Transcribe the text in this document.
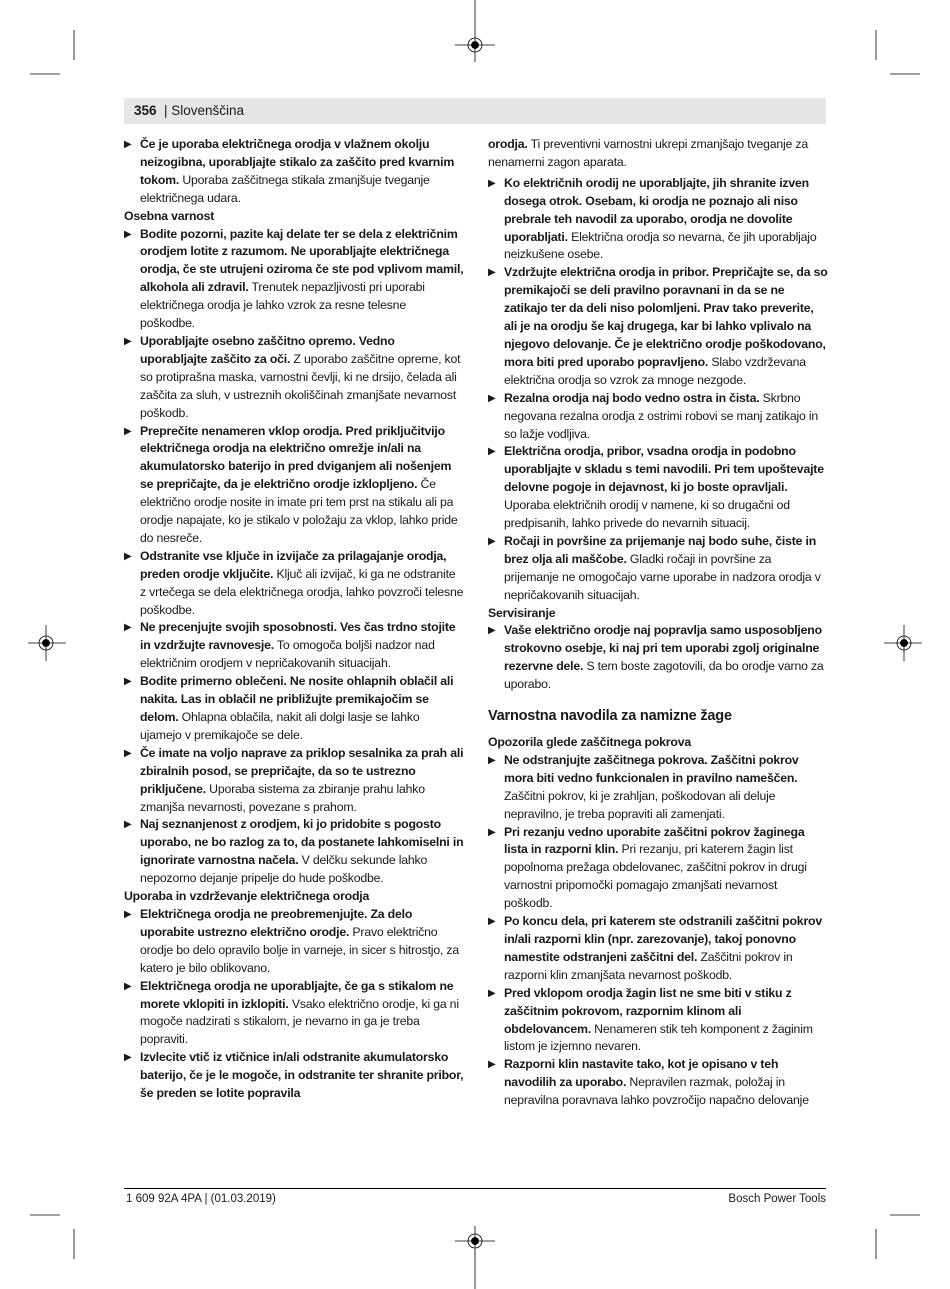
356 | Slovenščina

▶ Če je uporaba električnega orodja v vlažnem okolju neizogibna, uporabljajte stikalo za zaščito pred kvarnim tokom. Uporaba zaščitnega stikala zmanjšuje tveganje električnega udara.

Osebna varnost

▶ Bodite pozorni, pazite kaj delate ter se dela z električnim orodjem lotite z razumom. Ne uporabljajte električnega orodja, če ste utrujeni oziroma če ste pod vplivom mamil, alkohola ali zdravil. Trenutek nepazljivosti pri uporabi električnega orodja je lahko vzrok za resne telesne poškodbe.

▶ Uporabljajte osebno zaščitno opremo. Vedno uporabljajte zaščito za oči. Z uporabo zaščitne opreme, kot so protiprašna maska, varnostni čevlji, ki ne drsijo, čelada ali zaščita za sluh, v ustreznih okoliščinah zmanjšate nevarnost poškodb.

▶ Preprečite nenameren vklop orodja. Pred priključitvijo električnega orodja na električno omrežje in/ali na akumulatorsko baterijo in pred dviganjem ali nošenjem se prepričajte, da je električno orodje izklopljeno. Če električno orodje nosite in imate pri tem prst na stikalu ali pa orodje napajate, ko je stikalo v položaju za vklop, lahko pride do nesreče.

▶ Odstranite vse ključe in izvijače za prilagajanje orodja, preden orodje vključite. Ključ ali izvijač, ki ga ne odstranite z vrtečega se dela električnega orodja, lahko povzroči telesne poškodbe.

▶ Ne precenjujte svojih sposobnosti. Ves čas trdno stojite in vzdržujte ravnovesje. To omogoča boljši nadzor nad električnim orodjem v nepričakovanih situacijah.

▶ Bodite primerno oblečeni. Ne nosite ohlapnih oblačil ali nakita. Las in oblačil ne približujte premikajočim se delom. Ohlapna oblačila, nakit ali dolgi lasje se lahko ujamejo v premikajoče se dele.

▶ Če imate na voljo naprave za priklop sesalnika za prah ali zbiralnih posod, se prepričajte, da so te ustrezno priključene. Uporaba sistema za zbiranje prahu lahko zmanjša nevarnosti, povezane s prahom.

▶ Naj seznanjenost z orodjem, ki jo pridobite s pogosto uporabo, ne bo razlog za to, da postanete lahkomiselni in ignorirate varnostna načela. V delčku sekunde lahko nepozorno dejanje pripelje do hude poškodbe.

Uporaba in vzdrževanje električnega orodja

▶ Električnega orodja ne preobremenjujte. Za delo uporabite ustrezno električno orodje. Pravo električno orodje bo delo opravilo bolje in varneje, in sicer s hitrostjo, za katero je bilo oblikovano.

▶ Električnega orodja ne uporabljajte, če ga s stikalom ne morete vklopiti in izklopiti. Vsako električno orodje, ki ga ni mogoče nadzirati s stikalom, je nevarno in ga je treba popraviti.

▶ Izvlecite vtič iz vtičnice in/ali odstranite akumulatorsko baterijo, če je le mogoče, in odstranite ter shranite pribor, še preden se lotite popravila

orodja. Ti preventivni varnostni ukrepi zmanjšajo tveganje za nenamerni zagon aparata.

▶ Ko električnih orodij ne uporabljajte, jih shranite izven dosega otrok. Osebam, ki orodja ne poznajo ali niso prebrale teh navodil za uporabo, orodja ne dovolite uporabljati. Električna orodja so nevarna, če jih uporabljajo neizkušene osebe.

▶ Vzdržujte električna orodja in pribor. Prepričajte se, da so premikajoči se deli pravilno poravnani in da se ne zatikajo ter da deli niso polomljeni. Prav tako preverite, ali je na orodju še kaj drugega, kar bi lahko vplivalo na njegovo delovanje. Če je električno orodje poškodovano, mora biti pred uporabo popravljeno. Slabo vzdrževana električna orodja so vzrok za mnoge nezgode.

▶ Rezalna orodja naj bodo vedno ostra in čista. Skrbno negovana rezalna orodja z ostrimi robovi se manj zatikajo in so lažje vodljiva.

▶ Električna orodja, pribor, vsadna orodja in podobno uporabljajte v skladu s temi navodili. Pri tem upoštevajte delovne pogoje in dejavnost, ki jo boste opravljali. Uporaba električnih orodij v namene, ki so drugačni od predpisanih, lahko privede do nevarnih situacij.

▶ Ročaji in površine za prijemanje naj bodo suhe, čiste in brez olja ali maščobe. Gladki ročaji in površine za prijemanje ne omogočajo varne uporabe in nadzora orodja v nepričakovanih situacijah.

Servisiranje

▶ Vaše električno orodje naj popravlja samo usposobljeno strokovno osebje, ki naj pri tem uporabi zgolj originalne rezervne dele. S tem boste zagotovili, da bo orodje varno za uporabo.

Varnostna navodila za namizne žage

Opozorila glede zaščitnega pokrova

▶ Ne odstranjujte zaščitnega pokrova. Zaščitni pokrov mora biti vedno funkcionalen in pravilno nameščen. Zaščitni pokrov, ki je zrahljan, poškodovan ali deluje nepravilno, je treba popraviti ali zamenjati.

▶ Pri rezanju vedno uporabite zaščitni pokrov žaginega lista in razporni klin. Pri rezanju, pri katerem žagin list popolnoma prežaga obdelovanec, zaščitni pokrov in drugi varnostni pripomočki pomagajo zmanjšati nevarnost poškodb.

▶ Po koncu dela, pri katerem ste odstranili zaščitni pokrov in/ali razporni klin (npr. zarezovanje), takoj ponovno namestite odstranjeni zaščitni del. Zaščitni pokrov in razporni klin zmanjšata nevarnost poškodb.

▶ Pred vklopom orodja žagin list ne sme biti v stiku z zaščitnim pokrovom, razpornim klinom ali obdelovancem. Nenameren stik teh komponent z žaginim listom je izjemno nevaren.

▶ Razporni klin nastavite tako, kot je opisano v teh navodilih za uporabo. Nepravilen razmak, položaj in nepravilna poravnava lahko povzročijo napačno delovanje

1 609 92A 4PA | (01.03.2019)	Bosch Power Tools
